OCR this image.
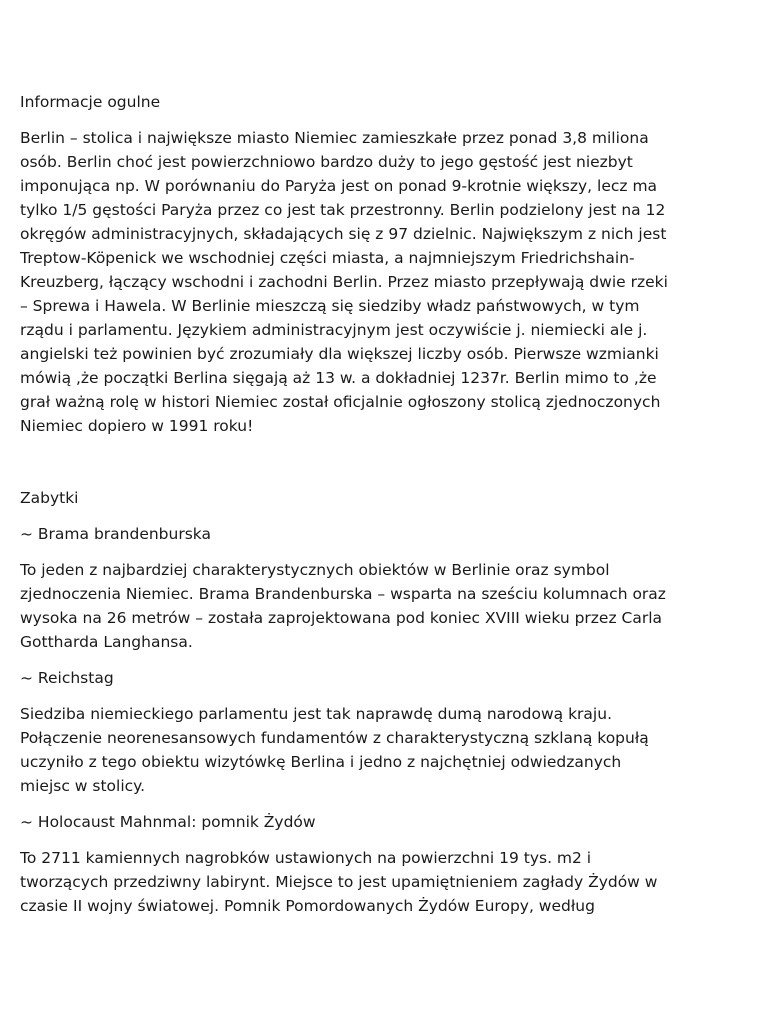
Informacje ogulne

Berlin – stolica i największe miasto Niemiec zamieszkałe przez ponad 3,8 miliona

osób. Berlin choć jest powierzchniowo bardzo duży to jego gęstość jest niezbyt

imponująca np. W porównaniu do Paryża jest on ponad 9-krotnie większy, lecz ma

tylko 1/5 gęstości Paryża przez co jest tak przestronny. Berlin podzielony jest na 12

okręgów administracyjnych, składających się z 97 dzielnic. Największym z nich jest

Treptow-Köpenick we wschodniej części miasta, a najmniejszym Friedrichshain-

Kreuzberg, łączący wschodni i zachodni Berlin. Przez miasto przepływają dwie rzeki

– Sprewa i Hawela. W Berlinie mieszczą się siedziby władz państwowych, w tym

rządu i parlamentu. Językiem administracyjnym jest oczywiście j. niemiecki ale j.

angielski też powinien być zrozumiały dla większej liczby osób. Pierwsze wzmianki

mówią ,że początki Berlina sięgają aż 13 w. a dokładniej 1237r. Berlin mimo to ,że

grał ważną rolę w histori Niemiec został oficjalnie ogłoszony stolicą zjednoczonych

Niemiec dopiero w 1991 roku!

Zabytki

~ Brama brandenburska

To jeden z najbardziej charakterystycznych obiektów w Berlinie oraz symbol

zjednoczenia Niemiec. Brama Brandenburska – wsparta na sześciu kolumnach oraz

wysoka na 26 metrów – została zaprojektowana pod koniec XVIII wieku przez Carla

Gottharda Langhansa.

~ Reichstag

Siedziba niemieckiego parlamentu jest tak naprawdę dumą narodową kraju.

Połączenie neorenesansowych fundamentów z charakterystyczną szklaną kopułą

uczyniło z tego obiektu wizytówkę Berlina i jedno z najchętniej odwiedzanych

miejsc w stolicy.

~ Holocaust Mahnmal: pomnik Żydów

To 2711 kamiennych nagrobków ustawionych na powierzchni 19 tys. m2 i

tworzących przedziwny labirynt. Miejsce to jest upamiętnieniem zagłady Żydów w

czasie II wojny światowej. Pomnik Pomordowanych Żydów Europy, według
